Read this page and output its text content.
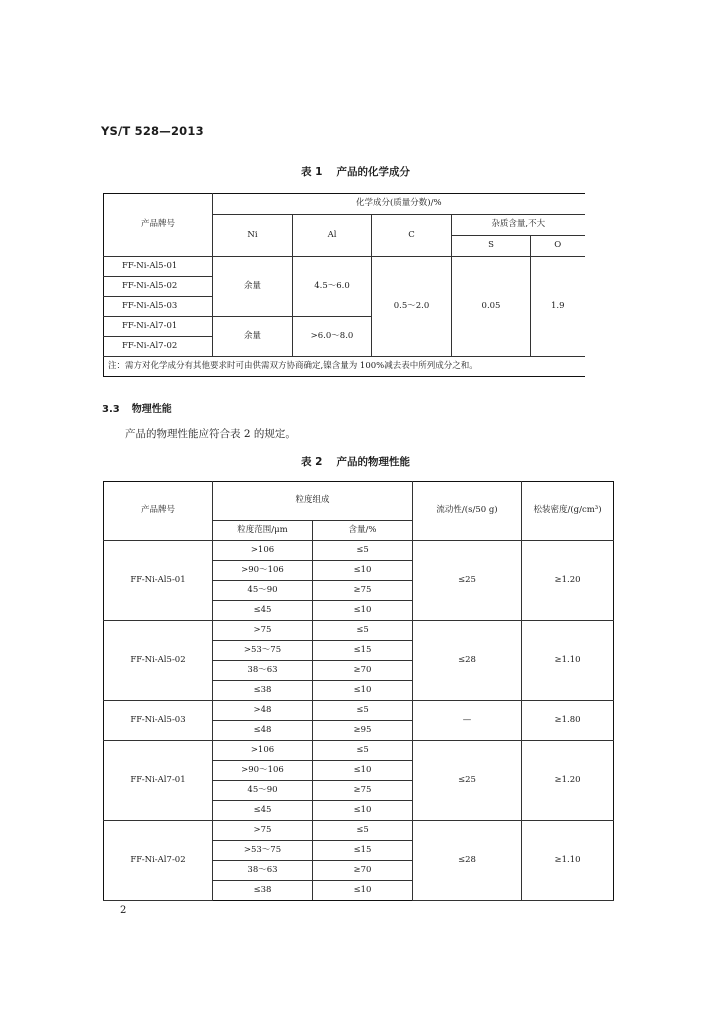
YS/T 528—2013
表 1 产品的化学成分
产品牌号	化学成分(质量分数)/%				
	Ni	Al	C	杂质含量,不大	
				S	O
FF-Ni-Al5-01	余量	4.5～6.0	0.5～2.0	0.05	1.9
FF-Ni-Al5-02					
FF-Ni-Al5-03					
FF-Ni-Al7-01	余量	>6.0～8.0			
FF-Ni-Al7-02					
注：需方对化学成分有其他要求时可由供需双方协商确定,镍含量为 100%减去表中所列成分之和。					
3.3 物理性能
产品的物理性能应符合表 2 的规定。
表 2 产品的物理性能
产品牌号	粒度组成		流动性/(s/50 g)	松装密度/(g/cm³)
	粒度范围/μm	含量/%		
FF-Ni-Al5-01	>106	≤5	≤25	≥1.20
	>90～106	≤10		
	45～90	≥75		
	≤45	≤10		
FF-Ni-Al5-02	>75	≤5	≤28	≥1.10
	>53～75	≤15		
	38～63	≥70		
	≤38	≤10		
FF-Ni-Al5-03	>48	≤5	—	≥1.80
	≤48	≥95		
FF-Ni-Al7-01	>106	≤5	≤25	≥1.20
	>90～106	≤10		
	45～90	≥75		
	≤45	≤10		
FF-Ni-Al7-02	>75	≤5	≤28	≥1.10
	>53～75	≤15		
	38～63	≥70		
	≤38	≤10		
2
